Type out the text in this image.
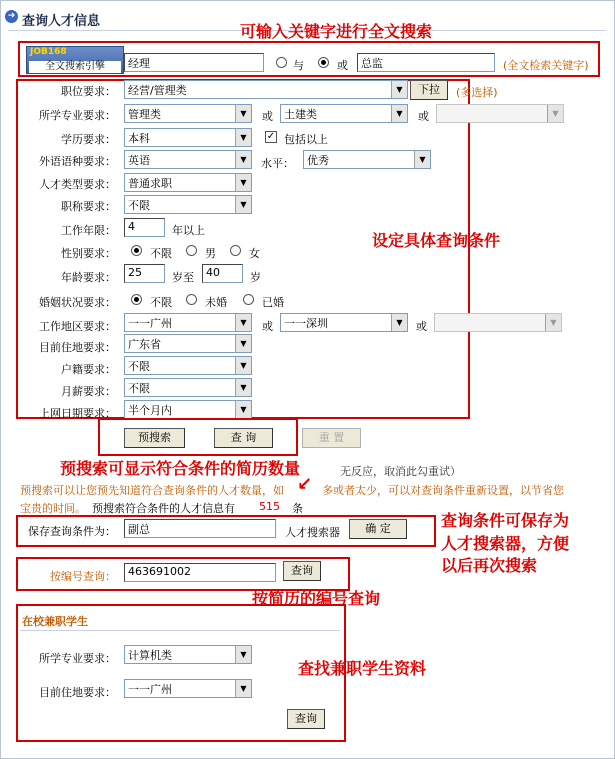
➜ 查询人才信息
可输入关键字进行全文搜索
JOB168
全文搜索引擎	经理	与	或	总监	(全文检索关键字)
职位要求：	经营/管理类	▼	下拉	(多选择)
所学专业要求：	管理类	▼	或	土建类	▼	或	▼
学历要求：	本科	▼	✓ 包括以上
外语语种要求：	英语	▼	水平：	优秀	▼
人才类型要求：	普通求职	▼
职称要求：	不限	▼
工作年限：	4	年以上
性别要求：	不限	男	女
年龄要求：	25	岁至	40	岁
婚姻状况要求：	不限	未婚	已婚
工作地区要求：	一一广州	▼	或	一一深圳	▼	或	▼
目前住地要求：	广东省	▼
户籍要求：	不限	▼
月薪要求：	不限	▼
上网日期要求：	半个月内	▼
设定具体查询条件
预搜索	查 询	重 置
预搜索可显示符合条件的简历数量	无反应，取消此勾重试）
预搜索可以让您预先知道符合查询条件的人才数量，如 ↙ 多或者太少，可以对查询条件重新设置，以节省您
宝贵的时间。 预搜索符合条件的人才信息有 515 条
保存查询条件为：	副总	人才搜索器	确 定	查询条件可保存为
人才搜索器，方便
以后再次搜索
按编号查询：	463691002	查询
按简历的编号查询
在校兼职学生
所学专业要求：	计算机类	▼
目前住地要求：	一一广州	▼
查询
查找兼职学生资料
